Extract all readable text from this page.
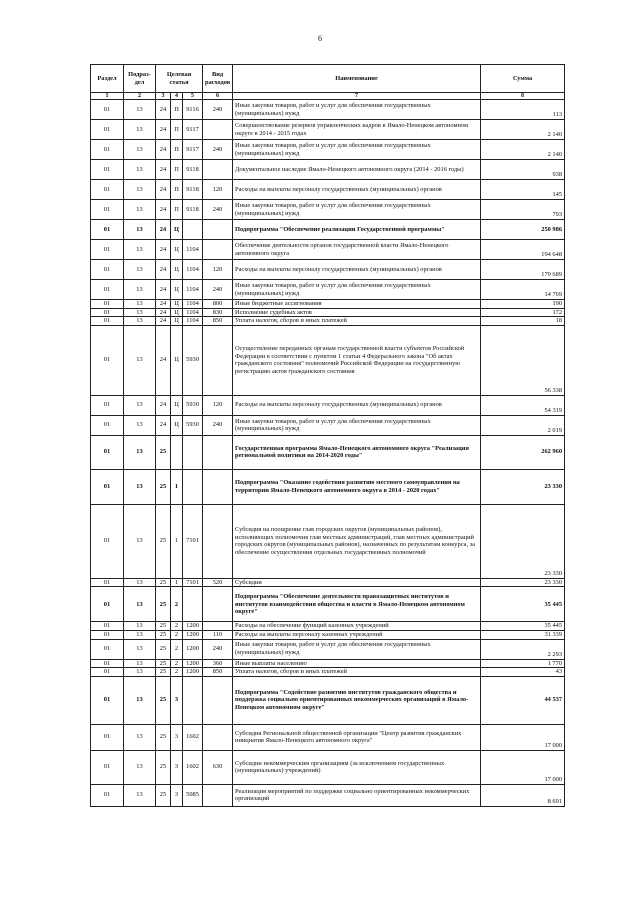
6
Раздел	Подраз-дел	Целевая статья			Вид расходов	Наименование	Сумма
1	2	3	4	5	6	7	8
01	13	24	П	9116	240	Иные закупки товаров, работ и услуг для обеспечения государственных (муниципальных) нужд	113
01	13	24	П	9117		Совершенствование резервов управленческих кадров в Ямало-Ненецком автономном округе в 2014 - 2015 годах	2 140
01	13	24	П	9117	240	Иные закупки товаров, работ и услуг для обеспечения государственных (муниципальных) нужд	2 140
01	13	24	П	9118		Документальное наследие Ямало-Ненецкого автономного округа (2014 - 2016 годы)	938
01	13	24	П	9118	120	Расходы на выплаты персоналу государственных (муниципальных) органов	145
01	13	24	П	9118	240	Иные закупки товаров, работ и услуг для обеспечения государственных (муниципальных) нужд	793
01	13	24	Ц			Подпрограмма "Обеспечение реализации Государственной программы"	250 986
01	13	24	Ц	1104		Обеспечение деятельности органов государственной власти Ямало-Ненецкого автономного округа	194 648
01	13	24	Ц	1104	120	Расходы на выплаты персоналу государственных (муниципальных) органов	179 689
01	13	24	Ц	1104	240	Иные закупки товаров, работ и услуг для обеспечения государственных (муниципальных) нужд	14 769
01	13	24	Ц	1104	800	Иные бюджетные ассигнования	190
01	13	24	Ц	1104	830	Исполнение судебных актов	172
01	13	24	Ц	1104	850	Уплата налогов, сборов и иных платежей	18
01	13	24	Ц	5930		Осуществление переданных органам государственной власти субъектов Российской Федерации в соответствии с пунктом 1 статьи 4 Федерального закона "Об актах гражданского состояния" полномочий Российской Федерации на государственную регистрацию актов гражданского состояния	56 338
01	13	24	Ц	5930	120	Расходы на выплаты персоналу государственных (муниципальных) органов	54 319
01	13	24	Ц	5930	240	Иные закупки товаров, работ и услуг для обеспечения государственных (муниципальных) нужд	2 019
01	13	25				Государственная программа Ямало-Ненецкого автономного округа "Реализация региональной политики на 2014-2020 годы"	262 960
01	13	25	1			Подпрограмма "Оказание содействия развитию местного самоуправления на территории Ямало-Ненецкого автономного округа в 2014 - 2020 годах"	23 330
01	13	25	1	7101		Субсидия на поощрение глав городских округов (муниципальных районов), исполняющих полномочия глав местных администраций, глав местных администраций городских округов (муниципальных районов), назначенных по результатам конкурса, за обеспечение осуществления отдельных государственных полномочий	23 330
01	13	25	1	7101	520	Субсидии	23 330
01	13	25	2			Подпрограмма "Обеспечение деятельности правозащитных институтов и институтов взаимодействия общества и власти в Ямало-Ненецком автономном округе"	35 445
01	13	25	2	1200		Расходы на обеспечение функций казенных учреждений	35 445
01	13	25	2	1200	110	Расходы на выплаты персоналу казенных учреждений	31 339
01	13	25	2	1200	240	Иные закупки товаров, работ и услуг для обеспечения государственных (муниципальных) нужд	2 293
01	13	25	2	1200	360	Иные выплаты населению	1 770
01	13	25	2	1200	850	Уплата налогов, сборов и иных платежей	43
01	13	25	3			Подпрограмма "Содействие развитию институтов гражданского общества и поддержка социально ориентированных некоммерческих организаций в Ямало-Ненецком автономном округе"	44 537
01	13	25	3	1602		Субсидия Региональной общественной организации "Центр развития гражданских инициатив Ямало-Ненецкого автономного округа"	17 000
01	13	25	3	1602	630	Субсидии некоммерческим организациям (за исключением государственных (муниципальных) учреждений)	17 000
01	13	25	3	5085		Реализация мероприятий по поддержке социально ориентированных некоммерческих организаций	8 691
